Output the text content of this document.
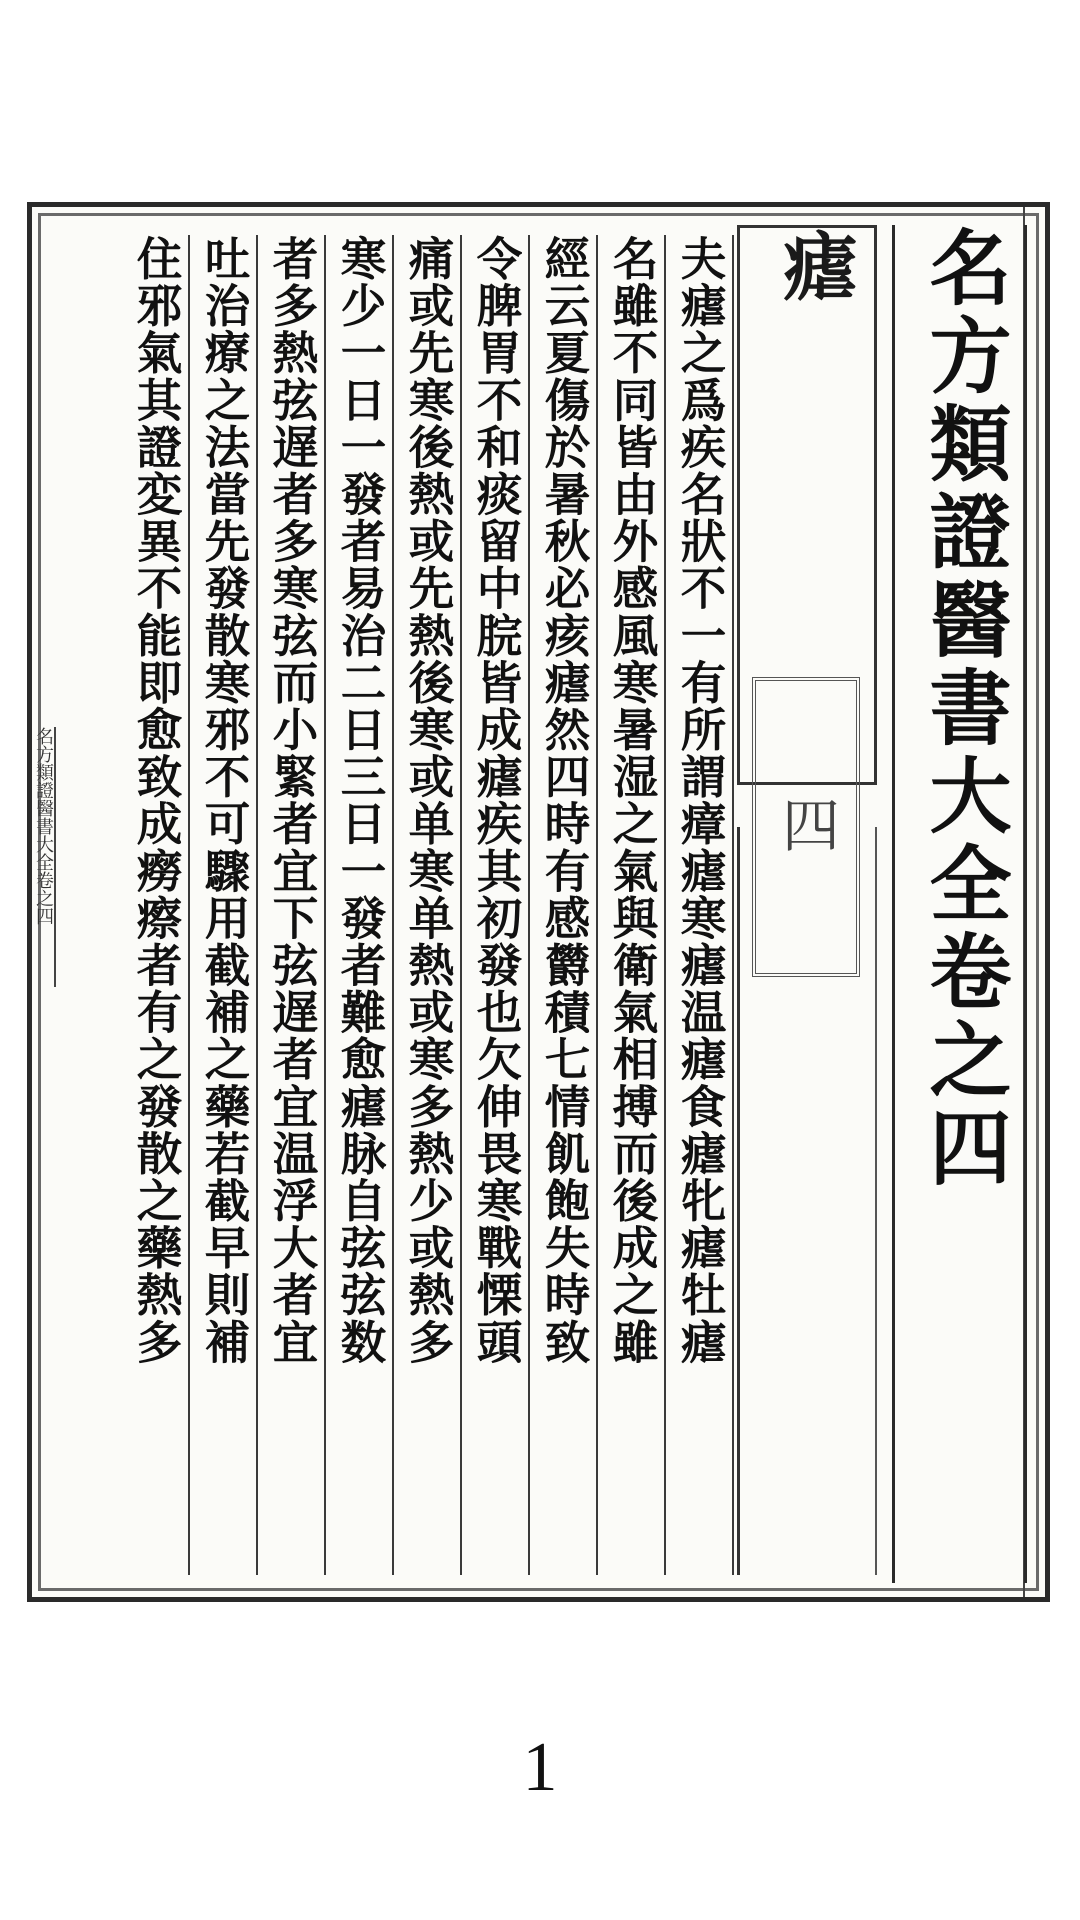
名方類證醫書大全卷之四
瘧
四
夫瘧之爲疾名狀不一有所謂瘴瘧寒瘧温瘧食瘧牝瘧牡瘧
名雖不同皆由外感風寒暑湿之氣與衛氣相搏而後成之雖
經云夏傷於暑秋必痎瘧然四時有感欝積七情飢飽失時致
令脾胃不和痰留中脘皆成瘧疾其初發也欠伸畏寒戰慄頭
痛或先寒後熱或先熱後寒或单寒单熱或寒多熱少或熱多
寒少一日一發者易治二日三日一發者難愈瘧脉自弦弦数
者多熱弦遅者多寒弦而小緊者宜下弦遅者宜温浮大者宜
吐治療之法當先發散寒邪不可驟用截補之藥若截早則補
住邪氣其證変異不能即愈致成癆瘵者有之發散之藥熱多
名方類證醫書大全卷之四
1
